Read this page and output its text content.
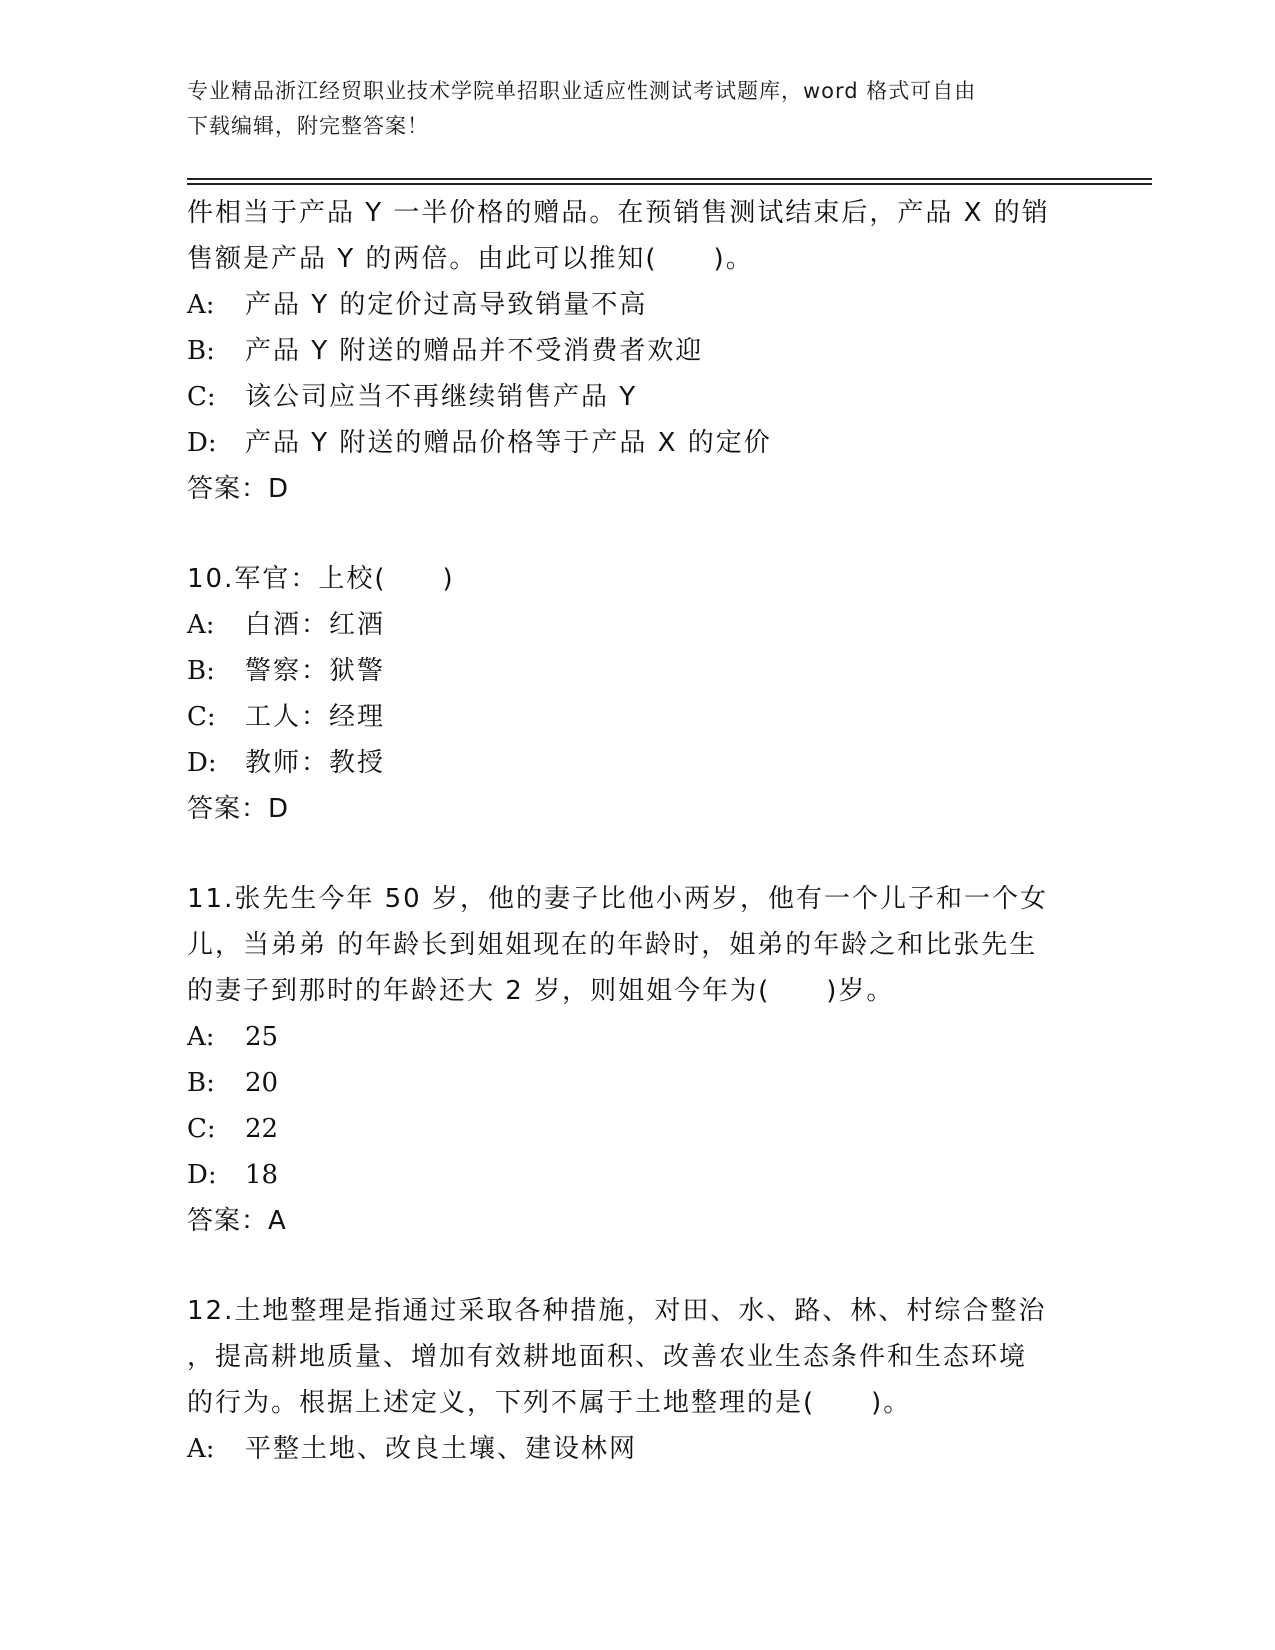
专业精品浙江经贸职业技术学院单招职业适应性测试考试题库，word 格式可自由
下载编辑，附完整答案！
件相当于产品 Y 一半价格的赠品。在预销售测试结束后，产品 X 的销
售额是产品 Y 的两倍。由此可以推知(　　)。
A: 产品 Y 的定价过高导致销量不高
B: 产品 Y 附送的赠品并不受消费者欢迎
C: 该公司应当不再继续销售产品 Y
D: 产品 Y 附送的赠品价格等于产品 X 的定价
答案：D
10.军官：上校(　　)
A: 白酒：红酒
B: 警察：狱警
C: 工人：经理
D: 教师：教授
答案：D
11.张先生今年 50 岁，他的妻子比他小两岁，他有一个儿子和一个女
儿，当弟弟 的年龄长到姐姐现在的年龄时，姐弟的年龄之和比张先生
的妻子到那时的年龄还大 2 岁，则姐姐今年为(　　)岁。
A: 25
B: 20
C: 22
D: 18
答案：A
12.土地整理是指通过采取各种措施，对田、水、路、林、村综合整治
，提高耕地质量、增加有效耕地面积、改善农业生态条件和生态环境
的行为。根据上述定义，下列不属于土地整理的是(　　)。
A: 平整土地、改良土壤、建设林网
